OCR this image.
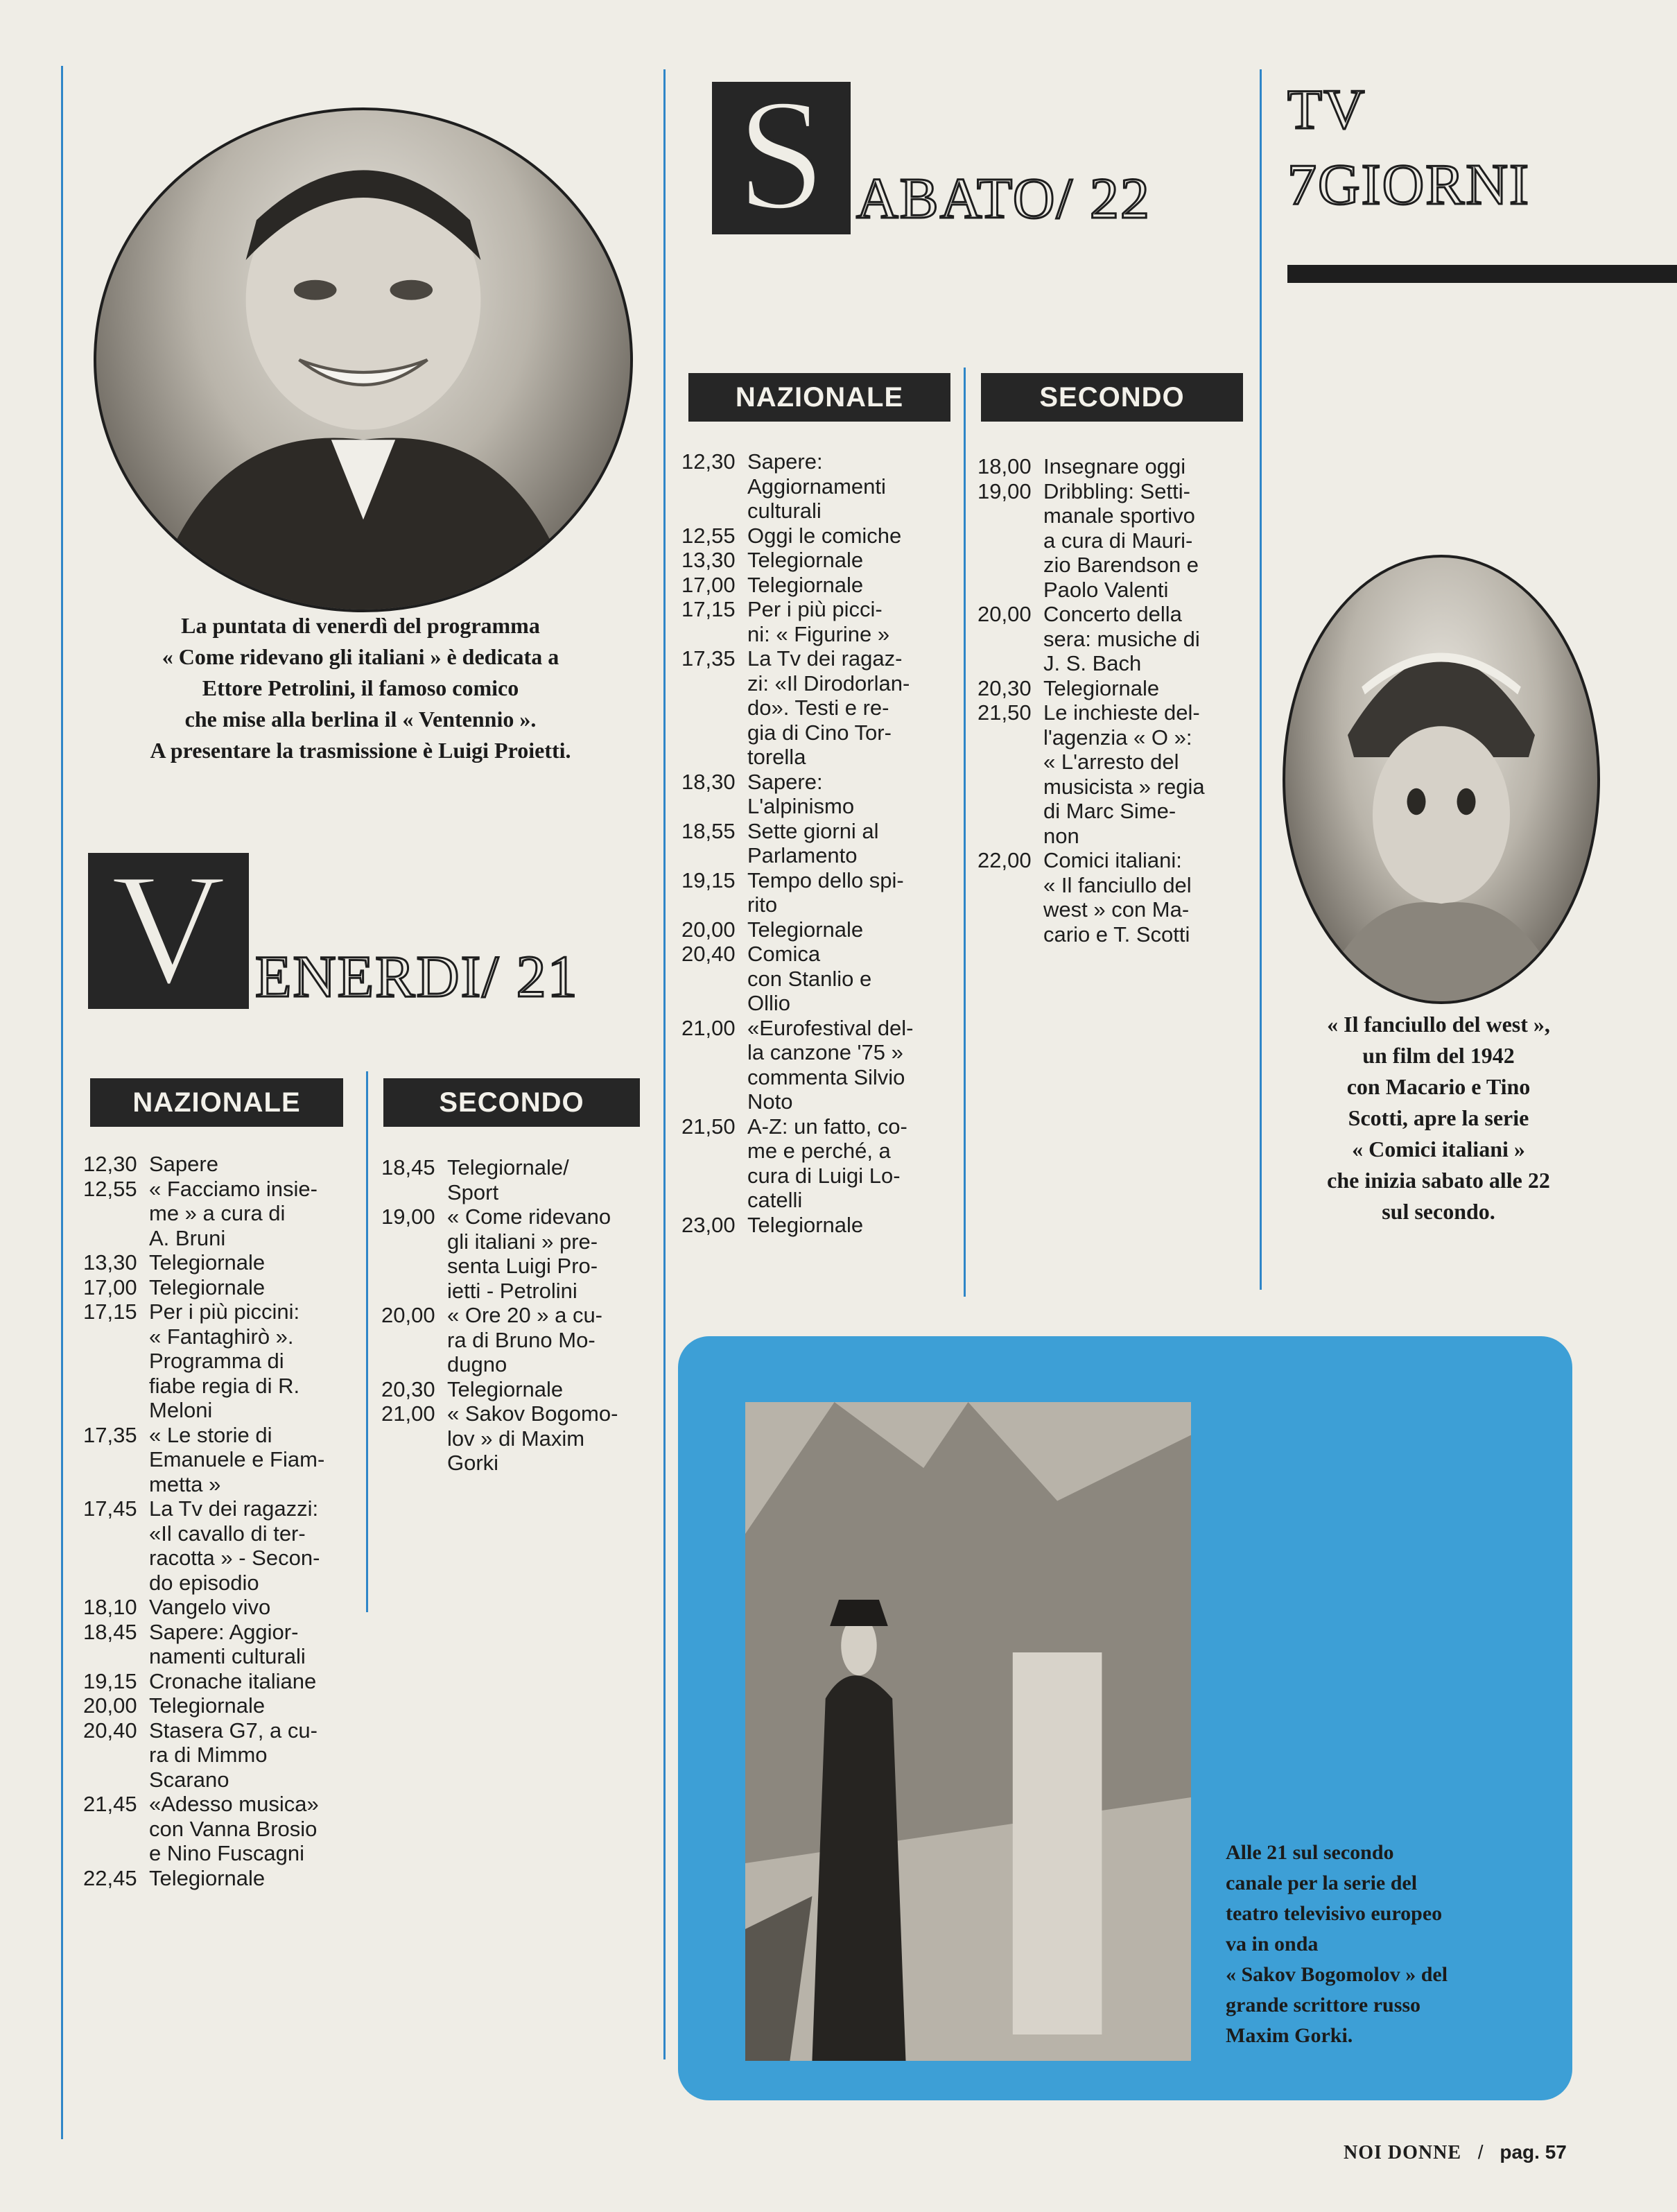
La puntata di venerdì del programma
« Come ridevano gli italiani » è dedicata a
Ettore Petrolini, il famoso comico
che mise alla berlina il « Ventennio ».
A presentare la trasmissione è Luigi Proietti.
S ABATO/ 22
TV
7GIORNI
NAZIONALE	SECONDO
12,30 Sapere:
Aggiornamenti
culturali
12,55 Oggi le comiche
13,30 Telegiornale
17,00 Telegiornale
17,15 Per i più picci-
ni: « Figurine »
17,35 La Tv dei ragaz-
zi: «Il Dirodorlan-
do». Testi e re-
gia di Cino Tor-
torella
18,30 Sapere:
L'alpinismo
18,55 Sette giorni al
Parlamento
19,15 Tempo dello spi-
rito
20,00 Telegiornale
20,40 Comica
con Stanlio e
Ollio
21,00 «Eurofestival del-
la canzone '75 »
commenta Silvio
Noto
21,50 A-Z: un fatto, co-
me e perché, a
cura di Luigi Lo-
catelli
23,00 Telegiornale
18,00 Insegnare oggi
19,00 Dribbling: Setti-
manale sportivo
a cura di Mauri-
zio Barendson e
Paolo Valenti
20,00 Concerto della
sera: musiche di
J. S. Bach
20,30 Telegiornale
21,50 Le inchieste del-
l'agenzia « O »:
« L'arresto del
musicista » regia
di Marc Sime-
non
22,00 Comici italiani:
« Il fanciullo del
west » con Ma-
cario e T. Scotti
« Il fanciullo del west »,
un film del 1942
con Macario e Tino
Scotti, apre la serie
« Comici italiani »
che inizia sabato alle 22
sul secondo.
V ENERDI/ 21
NAZIONALE	SECONDO
12,30 Sapere
12,55 « Facciamo insie-
me » a cura di
A. Bruni
13,30 Telegiornale
17,00 Telegiornale
17,15 Per i più piccini:
« Fantaghirò ».
Programma di
fiabe regia di R.
Meloni
17,35 « Le storie di
Emanuele e Fiam-
metta »
17,45 La Tv dei ragazzi:
«Il cavallo di ter-
racotta » - Secon-
do episodio
18,10 Vangelo vivo
18,45 Sapere: Aggior-
namenti culturali
19,15 Cronache italiane
20,00 Telegiornale
20,40 Stasera G7, a cu-
ra di Mimmo
Scarano
21,45 «Adesso musica»
con Vanna Brosio
e Nino Fuscagni
22,45 Telegiornale
18,45 Telegiornale/
Sport
19,00 « Come ridevano
gli italiani » pre-
senta Luigi Pro-
ietti - Petrolini
20,00 « Ore 20 » a cu-
ra di Bruno Mo-
dugno
20,30 Telegiornale
21,00 « Sakov Bogomo-
lov » di Maxim
Gorki
Alle 21 sul secondo
canale per la serie del
teatro televisivo europeo
va in onda
« Sakov Bogomolov » del
grande scrittore russo
Maxim Gorki.
NOI DONNE / pag. 57
